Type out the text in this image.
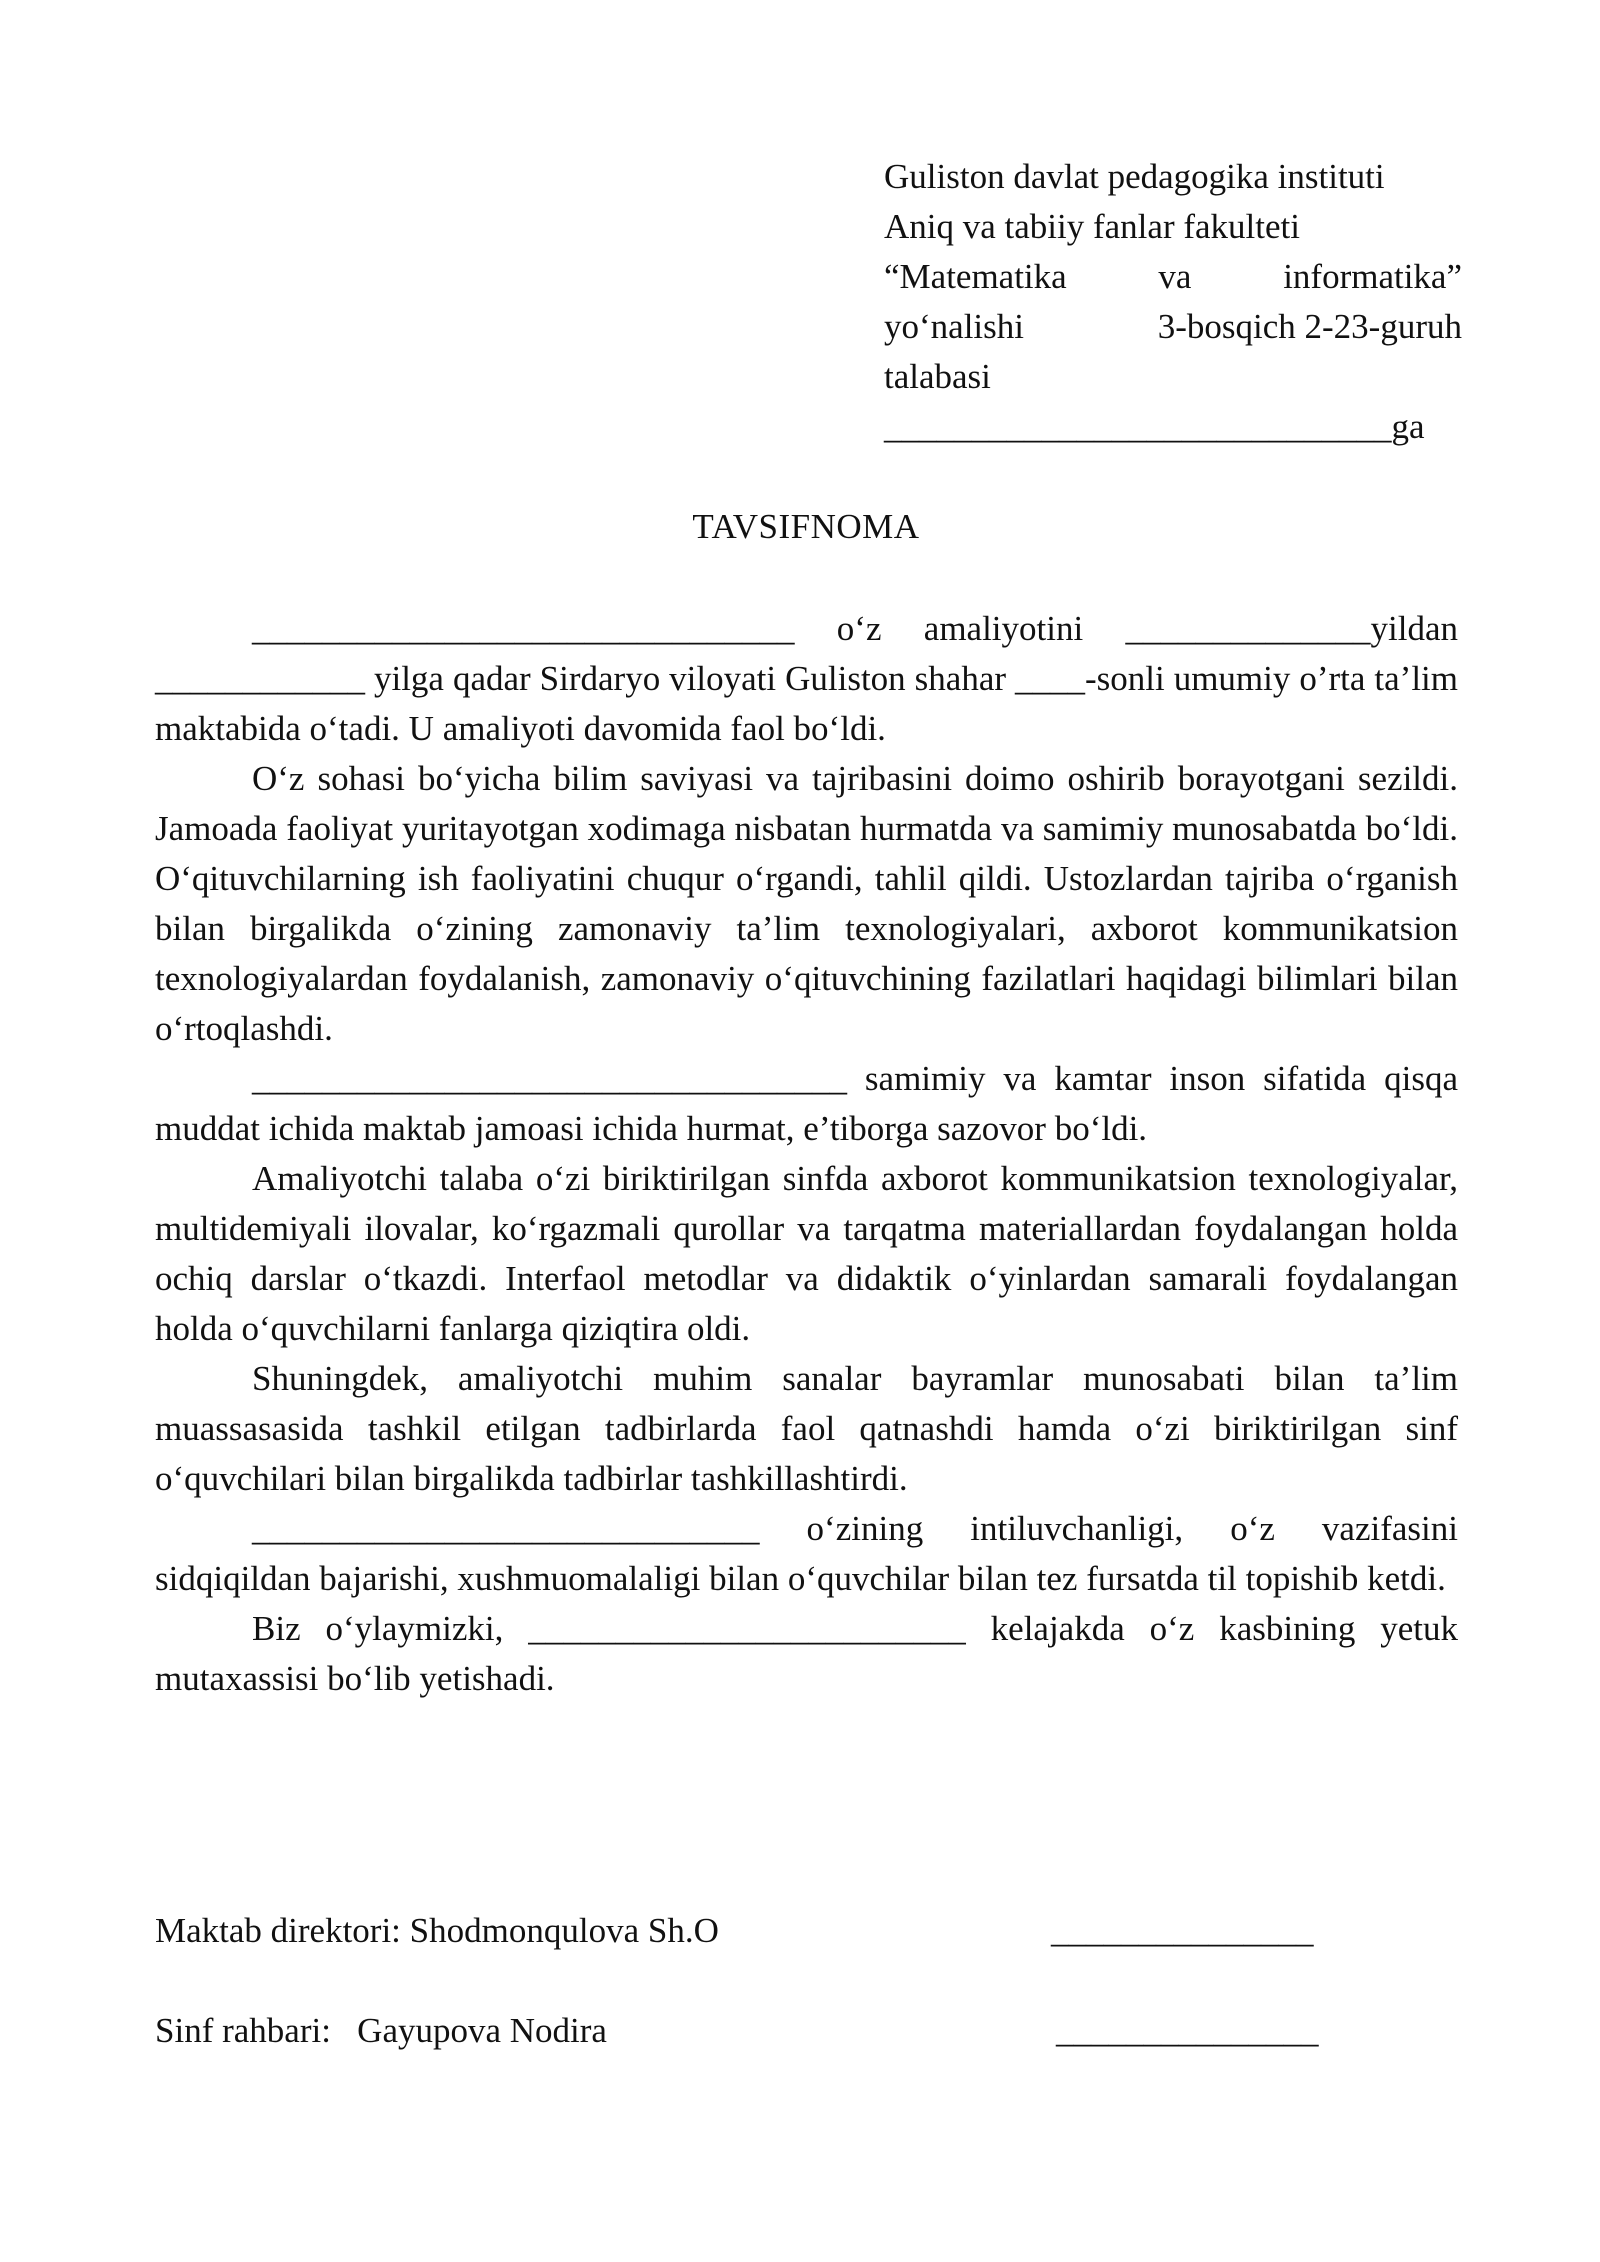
Guliston davlat pedagogika instituti
Aniq va tabiiy fanlar fakulteti
“Matematika	va	informatika”
yo‘nalishi	3-bosqich 2-23-guruh
talabasi
_____________________________ga
TAVSIFNOMA

_______________________________ o‘z amaliyotini ______________yildan ____________ yilga qadar Sirdaryo viloyati Guliston shahar ____-sonli umumiy o’rta ta’lim maktabida o‘tadi. U amaliyoti davomida faol bo‘ldi.

O‘z sohasi bo‘yicha bilim saviyasi va tajribasini doimo oshirib borayotgani sezildi. Jamoada faoliyat yuritayotgan xodimaga nisbatan hurmatda va samimiy munosabatda bo‘ldi. O‘qituvchilarning ish faoliyatini chuqur o‘rgandi, tahlil qildi. Ustozlardan tajriba o‘rganish bilan birgalikda o‘zining zamonaviy ta’lim texnologiyalari, axborot kommunikatsion texnologiyalardan foydalanish, zamonaviy o‘qituvchining fazilatlari haqidagi bilimlari bilan o‘rtoqlashdi.

__________________________________ samimiy va kamtar inson sifatida qisqa muddat ichida maktab jamoasi ichida hurmat, e’tiborga sazovor bo‘ldi.

Amaliyotchi talaba o‘zi biriktirilgan sinfda axborot kommunikatsion texnologiyalar, multidemiyali ilovalar, ko‘rgazmali qurollar va tarqatma materiallardan foydalangan holda ochiq darslar o‘tkazdi. Interfaol metodlar va didaktik o‘yinlardan samarali foydalangan holda o‘quvchilarni fanlarga qiziqtira oldi.

Shuningdek, amaliyotchi muhim sanalar bayramlar munosabati bilan ta’lim muassasasida tashkil etilgan tadbirlarda faol qatnashdi hamda o‘zi biriktirilgan sinf o‘quvchilari bilan birgalikda tadbirlar tashkillashtirdi.

_____________________________ o‘zining intiluvchanligi, o‘z vazifasini sidqiqildan bajarishi, xushmuomalaligi bilan o‘quvchilar bilan tez fursatda til topishib ketdi.

Biz o‘ylaymizki, _________________________ kelajakda o‘z kasbining yetuk mutaxassisi bo‘lib yetishadi.

Maktab direktori: Shodmonqulova Sh.O	_______________
Sinf rahbari:   Gayupova Nodira	_______________
